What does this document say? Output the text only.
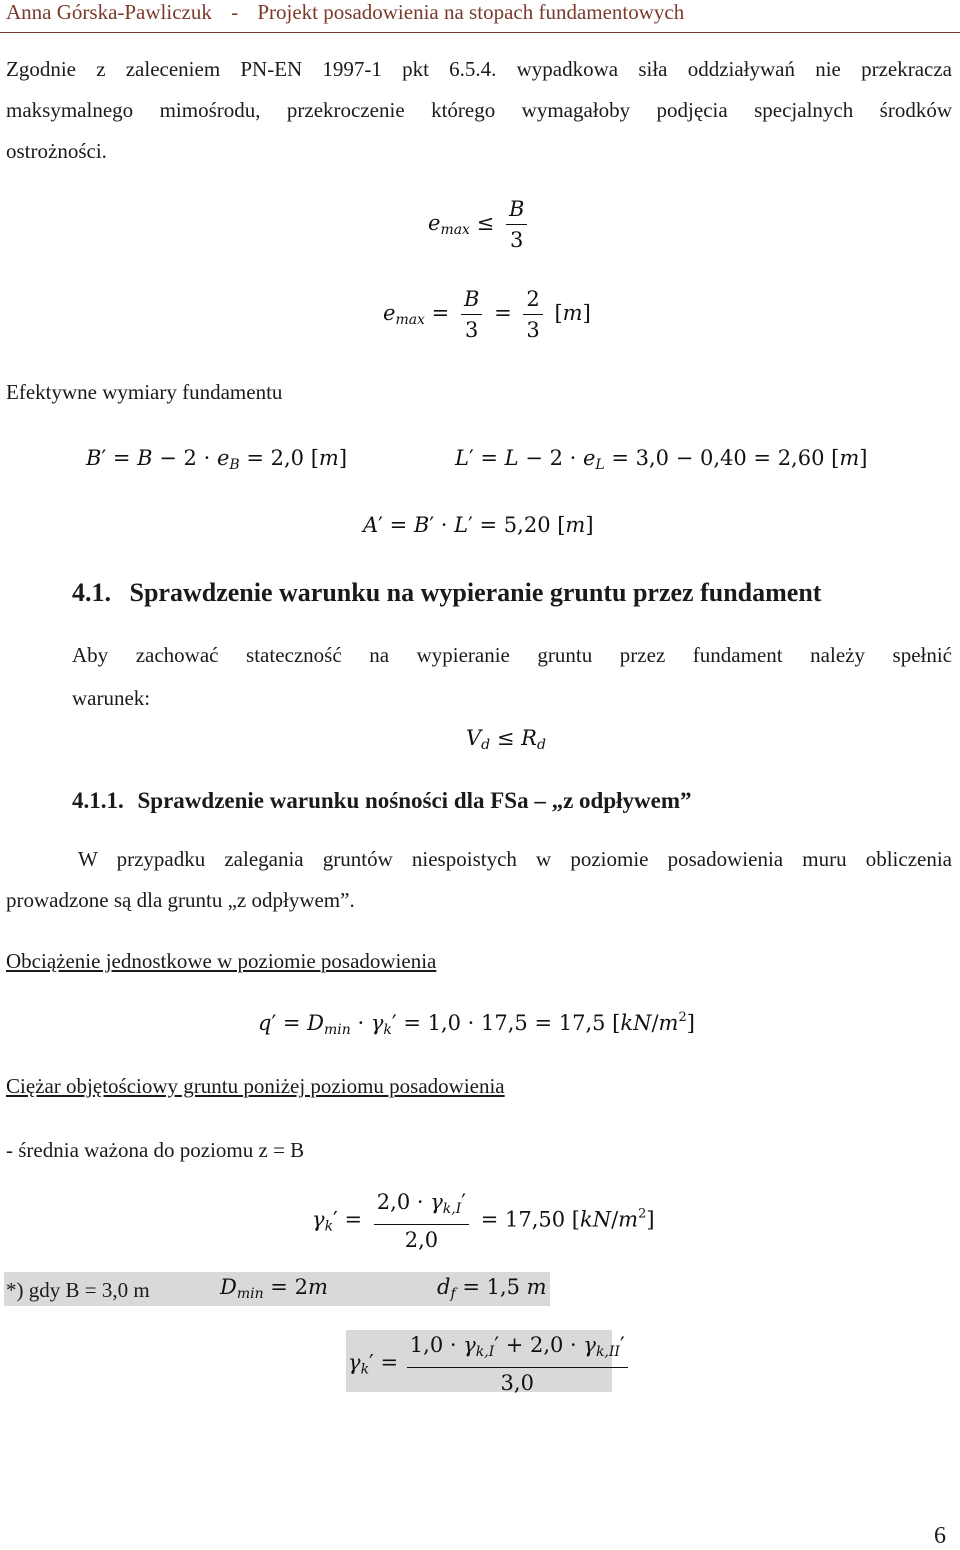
Anna Górska-Pawliczuk - Projekt posadowienia na stopach fundamentowych
Zgodnie z zaleceniem PN-EN 1997-1 pkt 6.5.4. wypadkowa siła oddziaływań nie przekracza
maksymalnego mimośrodu, przekroczenie którego wymagałoby podjęcia specjalnych środków
ostrożności.
$e_{max} \le \frac{B}{3}$
$e_{max} = \frac{B}{3} = \frac{2}{3} [m]$
Efektywne wymiary fundamentu
$B' = B - 2 \cdot e_B = 2,0$ [m]	$L' = L - 2 \cdot e_L = 3,0 - 0,40 = 2,60$ [m]
A′ = B′ · L′ = 5,20 [m]
4.1. Sprawdzenie warunku na wypieranie gruntu przez fundament
Aby zachować stateczność na wypieranie gruntu przez fundament należy spełnić
warunek:
$V_d \le R_d$
4.1.1. Sprawdzenie warunku nośności dla FSa – „z odpływem”
W przypadku zalegania gruntów niespoistych w poziomie posadowienia muru obliczenia
prowadzone są dla gruntu „z odpływem”.
Obciążenie jednostkowe w poziomie posadowienia
$q' = D_{min} \cdot \gamma_k' = 1,0 \cdot 17,5 = 17,5$ $[kN/m^2]$
Ciężar objętościowy gruntu poniżej poziomu posadowienia
- średnia ważona do poziomu z = B
$\gamma_k' = \frac{2,0 \cdot \gamma_{k,I}'}{2,0} = 17,50$ $[kN/m^2]$
*) gdy B = 3,0 m	$D_{min} = 2m$	$d_f = 1,5$ m
$\gamma_k' = \frac{1,0 \cdot \gamma_{k,I}' + 2,0 \cdot \gamma_{k,II}'}{3,0}$
6
